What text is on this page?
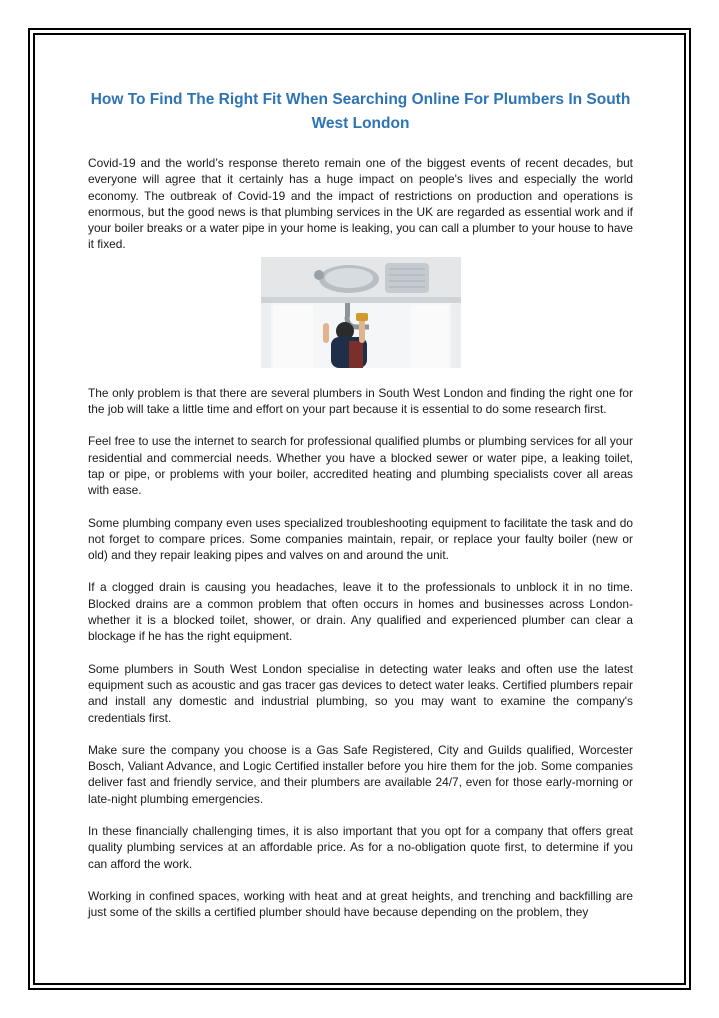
How To Find The Right Fit When Searching Online For Plumbers In South West London

Covid-19 and the world’s response thereto remain one of the biggest events of recent decades, but everyone will agree that it certainly has a huge impact on people's lives and especially the world economy. The outbreak of Covid-19 and the impact of restrictions on production and operations is enormous, but the good news is that plumbing services in the UK are regarded as essential work and if your boiler breaks or a water pipe in your home is leaking, you can call a plumber to your house to have it fixed.

The only problem is that there are several plumbers in South West London and finding the right one for the job will take a little time and effort on your part because it is essential to do some research first.

Feel free to use the internet to search for professional qualified plumbs or plumbing services for all your residential and commercial needs. Whether you have a blocked sewer or water pipe, a leaking toilet, tap or pipe, or problems with your boiler, accredited heating and plumbing specialists cover all areas with ease.

Some plumbing company even uses specialized troubleshooting equipment to facilitate the task and do not forget to compare prices. Some companies maintain, repair, or replace your faulty boiler (new or old) and they repair leaking pipes and valves on and around the unit.

If a clogged drain is causing you headaches, leave it to the professionals to unblock it in no time. Blocked drains are a common problem that often occurs in homes and businesses across London- whether it is a blocked toilet, shower, or drain. Any qualified and experienced plumber can clear a blockage if he has the right equipment.

Some plumbers in South West London specialise in detecting water leaks and often use the latest equipment such as acoustic and gas tracer gas devices to detect water leaks. Certified plumbers repair and install any domestic and industrial plumbing, so you may want to examine the company's credentials first.

Make sure the company you choose is a Gas Safe Registered, City and Guilds qualified, Worcester Bosch, Valiant Advance, and Logic Certified installer before you hire them for the job. Some companies deliver fast and friendly service, and their plumbers are available 24/7, even for those early-morning or late-night plumbing emergencies.

In these financially challenging times, it is also important that you opt for a company that offers great quality plumbing services at an affordable price. As for a no-obligation quote first, to determine if you can afford the work.

Working in confined spaces, working with heat and at great heights, and trenching and backfilling are just some of the skills a certified plumber should have because depending on the problem, they
